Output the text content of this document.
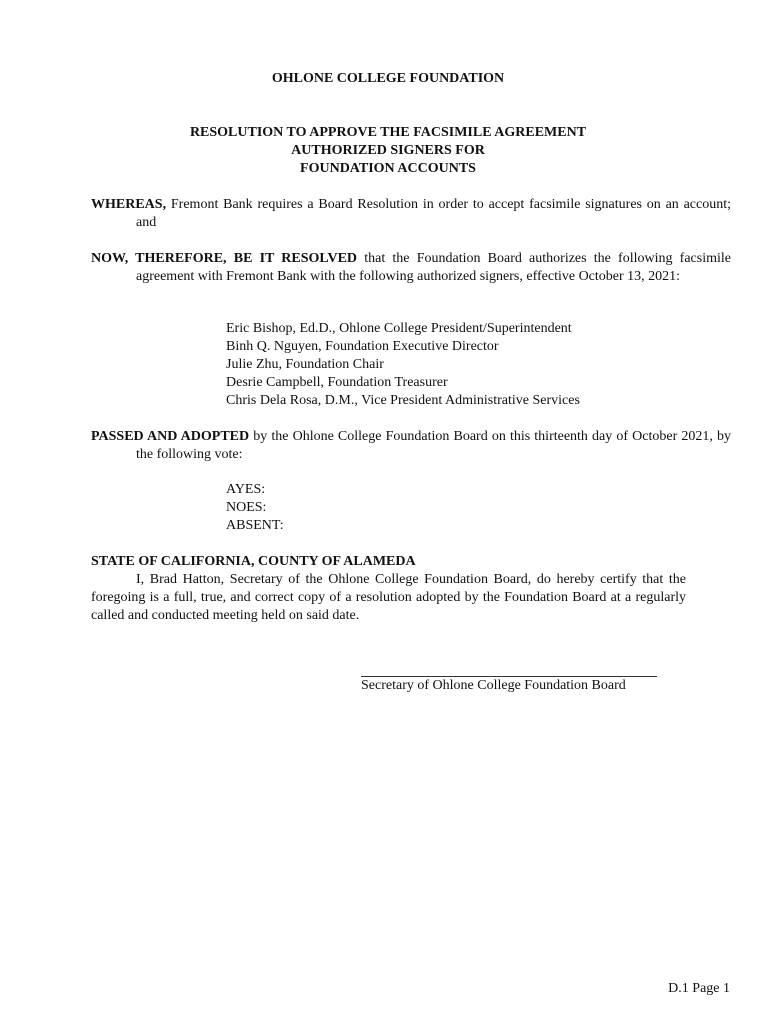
OHLONE COLLEGE FOUNDATION
RESOLUTION TO APPROVE THE FACSIMILE AGREEMENT
AUTHORIZED SIGNERS FOR
FOUNDATION ACCOUNTS
WHEREAS, Fremont Bank requires a Board Resolution in order to accept facsimile signatures on an account; and
NOW, THEREFORE, BE IT RESOLVED that the Foundation Board authorizes the following facsimile agreement with Fremont Bank with the following authorized signers, effective October 13, 2021:
Eric Bishop, Ed.D., Ohlone College President/Superintendent
Binh Q. Nguyen, Foundation Executive Director
Julie Zhu, Foundation Chair
Desrie Campbell, Foundation Treasurer
Chris Dela Rosa, D.M., Vice President Administrative Services
PASSED AND ADOPTED by the Ohlone College Foundation Board on this thirteenth day of October 2021, by the following vote:
AYES:
NOES:
ABSENT:
STATE OF CALIFORNIA, COUNTY OF ALAMEDA
I, Brad Hatton, Secretary of the Ohlone College Foundation Board, do hereby certify that the foregoing is a full, true, and correct copy of a resolution adopted by the Foundation Board at a regularly called and conducted meeting held on said date.
Secretary of Ohlone College Foundation Board
D.1 Page 1
